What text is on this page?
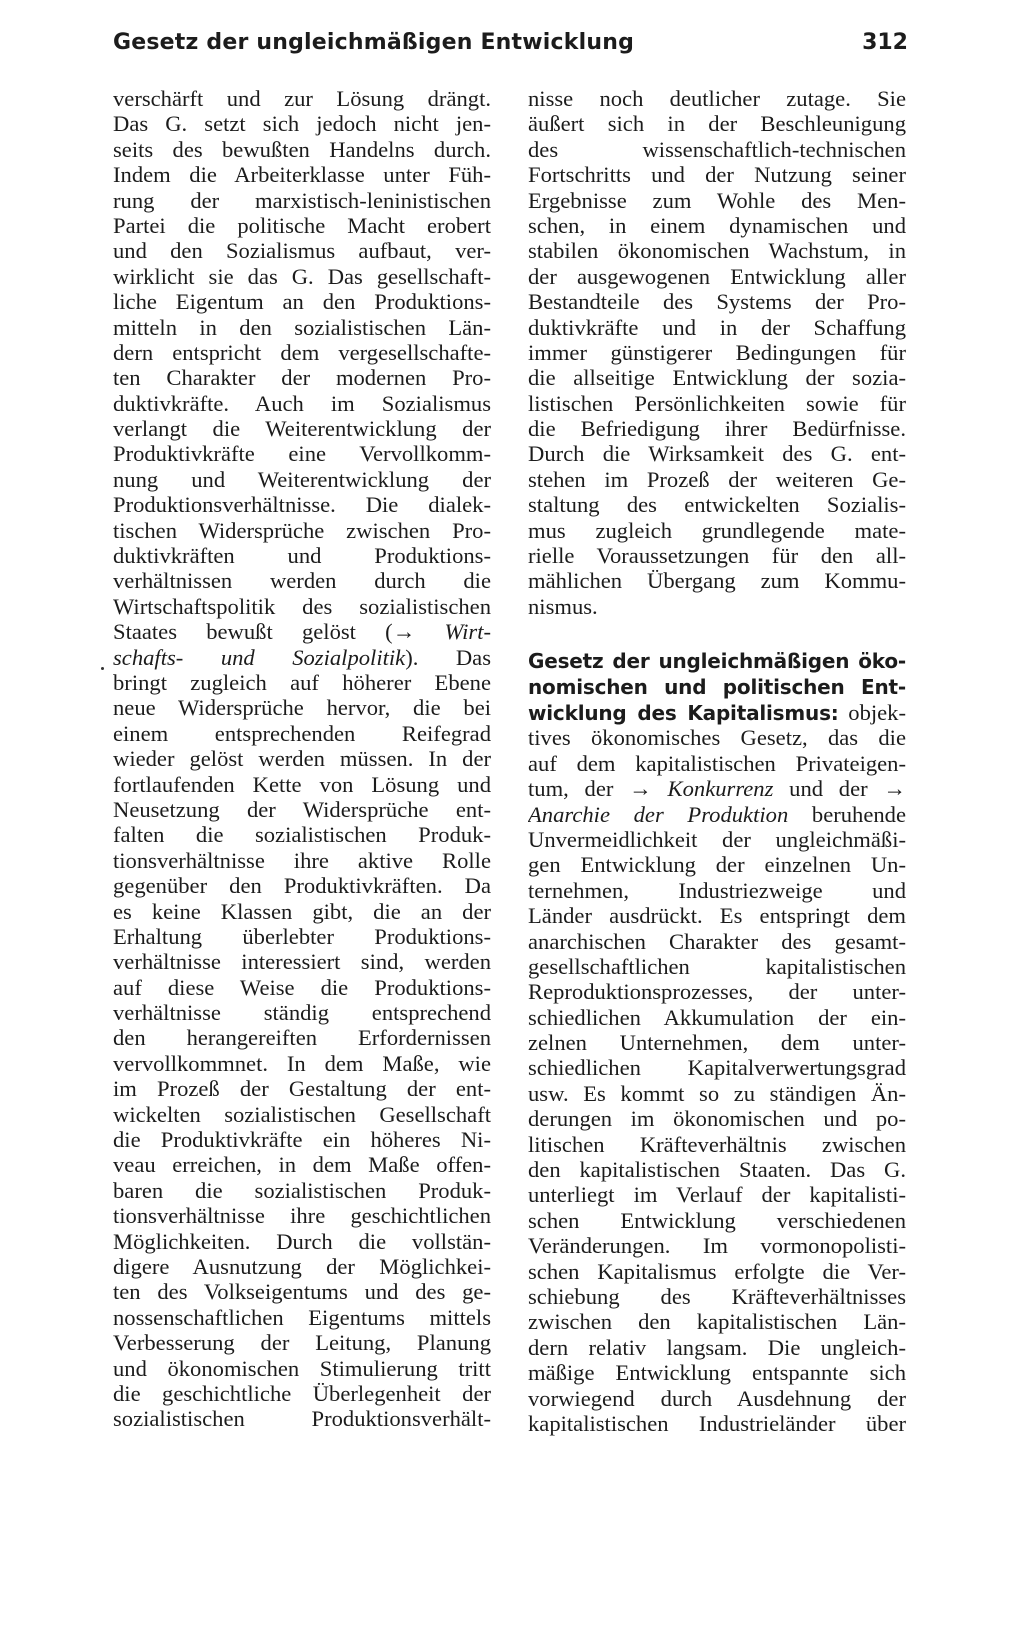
Gesetz der ungleichmäßigen Entwicklung	312
verschärft und zur Lösung drängt.
Das G. setzt sich jedoch nicht jen-
seits des bewußten Handelns durch.
Indem die Arbeiterklasse unter Füh-
rung der marxistisch-leninistischen
Partei die politische Macht erobert
und den Sozialismus aufbaut, ver-
wirklicht sie das G. Das gesellschaft-
liche Eigentum an den Produktions-
mitteln in den sozialistischen Län-
dern entspricht dem vergesellschafte-
ten Charakter der modernen Pro-
duktivkräfte. Auch im Sozialismus
verlangt die Weiterentwicklung der
Produktivkräfte eine Vervollkomm-
nung und Weiterentwicklung der
Produktionsverhältnisse. Die dialek-
tischen Widersprüche zwischen Pro-
duktivkräften und Produktions-
verhältnissen werden durch die
Wirtschaftspolitik des sozialistischen
Staates bewußt gelöst (→ Wirt-
schafts- und Sozialpolitik). Das
bringt zugleich auf höherer Ebene
neue Widersprüche hervor, die bei
einem entsprechenden Reifegrad
wieder gelöst werden müssen. In der
fortlaufenden Kette von Lösung und
Neusetzung der Widersprüche ent-
falten die sozialistischen Produk-
tionsverhältnisse ihre aktive Rolle
gegenüber den Produktivkräften. Da
es keine Klassen gibt, die an der
Erhaltung überlebter Produktions-
verhältnisse interessiert sind, werden
auf diese Weise die Produktions-
verhältnisse ständig entsprechend
den herangereiften Erfordernissen
vervollkommnet. In dem Maße, wie
im Prozeß der Gestaltung der ent-
wickelten sozialistischen Gesellschaft
die Produktivkräfte ein höheres Ni-
veau erreichen, in dem Maße offen-
baren die sozialistischen Produk-
tionsverhältnisse ihre geschichtlichen
Möglichkeiten. Durch die vollstän-
digere Ausnutzung der Möglichkei-
ten des Volkseigentums und des ge-
nossenschaftlichen Eigentums mittels
Verbesserung der Leitung, Planung
und ökonomischen Stimulierung tritt
die geschichtliche Überlegenheit der
sozialistischen Produktionsverhält-
nisse noch deutlicher zutage. Sie
äußert sich in der Beschleunigung
des wissenschaftlich-technischen
Fortschritts und der Nutzung seiner
Ergebnisse zum Wohle des Men-
schen, in einem dynamischen und
stabilen ökonomischen Wachstum, in
der ausgewogenen Entwicklung aller
Bestandteile des Systems der Pro-
duktivkräfte und in der Schaffung
immer günstigerer Bedingungen für
die allseitige Entwicklung der sozia-
listischen Persönlichkeiten sowie für
die Befriedigung ihrer Bedürfnisse.
Durch die Wirksamkeit des G. ent-
stehen im Prozeß der weiteren Ge-
staltung des entwickelten Sozialis-
mus zugleich grundlegende mate-
rielle Voraussetzungen für den all-
mählichen Übergang zum Kommu-
nismus.
Gesetz der ungleichmäßigen öko-
nomischen und politischen Ent-
wicklung des Kapitalismus: objek-
tives ökonomisches Gesetz, das die
auf dem kapitalistischen Privateigen-
tum, der → Konkurrenz und der →
Anarchie der Produktion beruhende
Unvermeidlichkeit der ungleichmäßi-
gen Entwicklung der einzelnen Un-
ternehmen, Industriezweige und
Länder ausdrückt. Es entspringt dem
anarchischen Charakter des gesamt-
gesellschaftlichen kapitalistischen
Reproduktionsprozesses, der unter-
schiedlichen Akkumulation der ein-
zelnen Unternehmen, dem unter-
schiedlichen Kapitalverwertungsgrad
usw. Es kommt so zu ständigen Än-
derungen im ökonomischen und po-
litischen Kräfteverhältnis zwischen
den kapitalistischen Staaten. Das G.
unterliegt im Verlauf der kapitalisti-
schen Entwicklung verschiedenen
Veränderungen. Im vormonopolisti-
schen Kapitalismus erfolgte die Ver-
schiebung des Kräfteverhältnisses
zwischen den kapitalistischen Län-
dern relativ langsam. Die ungleich-
mäßige Entwicklung entspannte sich
vorwiegend durch Ausdehnung der
kapitalistischen Industrieländer über
